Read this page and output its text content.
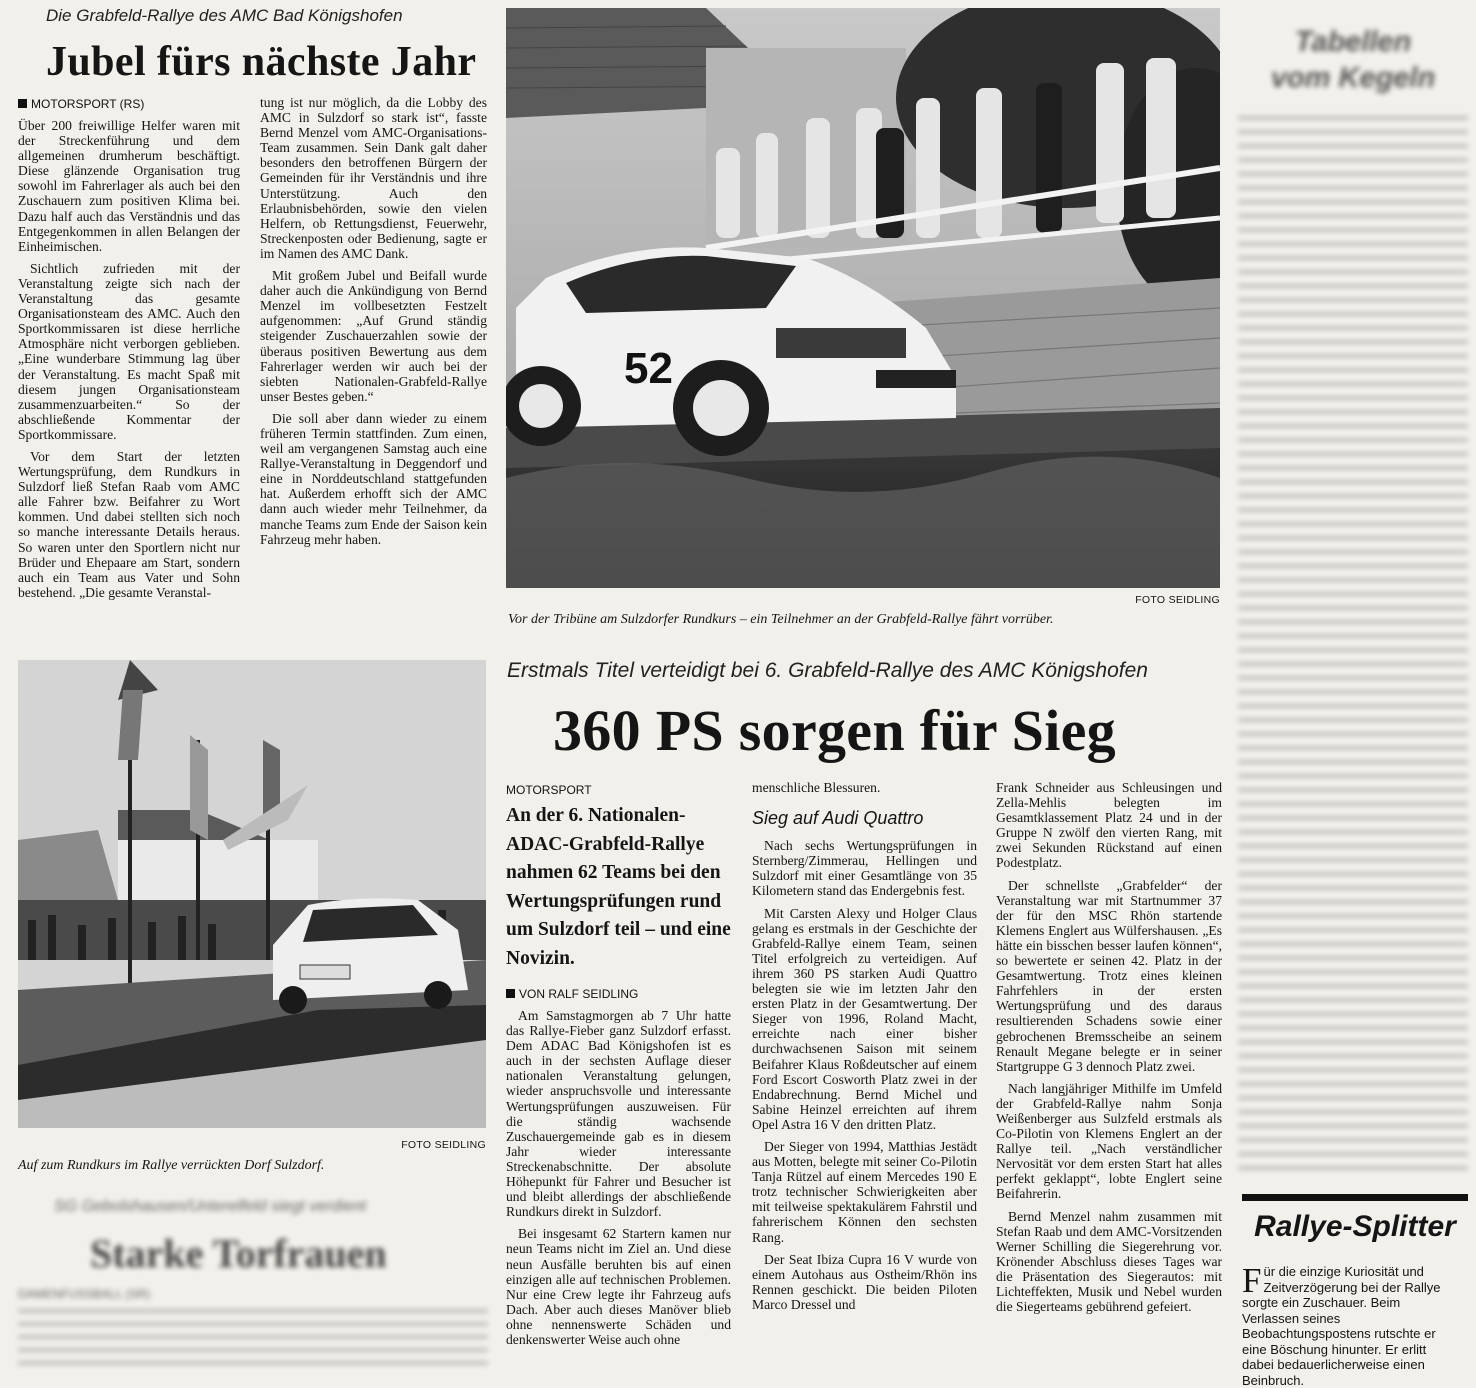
Die Grabfeld-Rallye des AMC Bad Königshofen
Jubel fürs nächste Jahr
MOTORSPORT (RS)

Über 200 freiwillige Helfer waren mit der Streckenführung und dem allgemeinen drumherum beschäftigt. Diese glänzende Organisation trug sowohl im Fahrerlager als auch bei den Zuschauern zum positiven Klima bei. Dazu half auch das Verständnis und das Entgegenkommen in allen Belangen der Einheimischen.

Sichtlich zufrieden mit der Veranstaltung zeigte sich nach der Veranstaltung das gesamte Organisationsteam des AMC. Auch den Sportkommissaren ist diese herrliche Atmosphäre nicht verborgen geblieben. „Eine wunderbare Stimmung lag über der Veranstaltung. Es macht Spaß mit diesem jungen Organisationsteam zusammenzuarbeiten.“ So der abschließende Kommentar der Sportkommissare.

Vor dem Start der letzten Wertungsprüfung, dem Rundkurs in Sulzdorf ließ Stefan Raab vom AMC alle Fahrer bzw. Beifahrer zu Wort kommen. Und dabei stellten sich noch so manche interessante Details heraus. So waren unter den Sportlern nicht nur Brüder und Ehepaare am Start, sondern auch ein Team aus Vater und Sohn bestehend. „Die gesamte Veranstal-

tung ist nur möglich, da die Lobby des AMC in Sulzdorf so stark ist“, fasste Bernd Menzel vom AMC-Organisations-Team zusammen. Sein Dank galt daher besonders den betroffenen Bürgern der Gemeinden für ihr Verständnis und ihre Unterstützung. Auch den Erlaubnisbehörden, sowie den vielen Helfern, ob Rettungsdienst, Feuerwehr, Streckenposten oder Bedienung, sagte er im Namen des AMC Dank.

Mit großem Jubel und Beifall wurde daher auch die Ankündigung von Bernd Menzel im vollbesetzten Festzelt aufgenommen: „Auf Grund ständig steigender Zuschauerzahlen sowie der überaus positiven Bewertung aus dem Fahrerlager werden wir auch bei der siebten Nationalen-Grabfeld-Rallye unser Bestes geben.“

Die soll aber dann wieder zu einem früheren Termin stattfinden. Zum einen, weil am vergangenen Samstag auch eine Rallye-Veranstaltung in Deggendorf und eine in Norddeutschland stattgefunden hat. Außerdem erhofft sich der AMC dann auch wieder mehr Teilnehmer, da manche Teams zum Ende der Saison kein Fahrzeug mehr haben.

52
FOTO SEIDLING
Vor der Tribüne am Sulzdorfer Rundkurs – ein Teilnehmer an der Grabfeld-Rallye fährt vorrüber.
Tabellen vom Kegeln
FOTO SEIDLING
Auf zum Rundkurs im Rallye verrückten Dorf Sulzdorf.
Erstmals Titel verteidigt bei 6. Grabfeld-Rallye des AMC Königshofen
360 PS sorgen für Sieg
MOTORSPORT
An der 6. Nationalen-ADAC-Grabfeld-Rallye nahmen 62 Teams bei den Wertungsprüfungen rund um Sulzdorf teil – und eine Novizin.
VON RALF SEIDLING

Am Samstagmorgen ab 7 Uhr hatte das Rallye-Fieber ganz Sulzdorf erfasst. Dem ADAC Bad Königshofen ist es auch in der sechsten Auflage dieser nationalen Veranstaltung gelungen, wieder anspruchsvolle und interessante Wertungsprüfungen auszuweisen. Für die ständig wachsende Zuschauergemeinde gab es in diesem Jahr wieder interessante Streckenabschnitte. Der absolute Höhepunkt für Fahrer und Besucher ist und bleibt allerdings der abschließende Rundkurs direkt in Sulzdorf.

Bei insgesamt 62 Startern kamen nur neun Teams nicht im Ziel an. Und diese neun Ausfälle beruhten bis auf einen einzigen alle auf technischen Problemen. Nur eine Crew legte ihr Fahrzeug aufs Dach. Aber auch dieses Manöver blieb ohne nennenswerte Schäden und denkenswerter Weise auch ohne

menschliche Blessuren.

Sieg auf Audi Quattro

Nach sechs Wertungsprüfungen in Sternberg/Zimmerau, Hellingen und Sulzdorf mit einer Gesamtlänge von 35 Kilometern stand das Endergebnis fest.

Mit Carsten Alexy und Holger Claus gelang es erstmals in der Geschichte der Grabfeld-Rallye einem Team, seinen Titel erfolgreich zu verteidigen. Auf ihrem 360 PS starken Audi Quattro belegten sie wie im letzten Jahr den ersten Platz in der Gesamtwertung. Der Sieger von 1996, Roland Macht, erreichte nach einer bisher durchwachsenen Saison mit seinem Beifahrer Klaus Roßdeutscher auf einem Ford Escort Cosworth Platz zwei in der Endabrechnung. Bernd Michel und Sabine Heinzel erreichten auf ihrem Opel Astra 16 V den dritten Platz.

Der Sieger von 1994, Matthias Jestädt aus Motten, belegte mit seiner Co-Pilotin Tanja Rützel auf einem Mercedes 190 E trotz technischer Schwierigkeiten aber mit teilweise spektakulärem Fahrstil und fahrerischem Können den sechsten Rang.

Der Seat Ibiza Cupra 16 V wurde von einem Autohaus aus Ostheim/Rhön ins Rennen geschickt. Die beiden Piloten Marco Dressel und

Frank Schneider aus Schleusingen und Zella-Mehlis belegten im Gesamtklassement Platz 24 und in der Gruppe N zwölf den vierten Rang, mit zwei Sekunden Rückstand auf einen Podestplatz.

Der schnellste „Grabfelder“ der Veranstaltung war mit Startnummer 37 der für den MSC Rhön startende Klemens Englert aus Wülfershausen. „Es hätte ein bisschen besser laufen können“, so bewertete er seinen 42. Platz in der Gesamtwertung. Trotz eines kleinen Fahrfehlers in der ersten Wertungsprüfung und des daraus resultierenden Schadens sowie einer gebrochenen Bremsscheibe an seinem Renault Megane belegte er in seiner Startgruppe G 3 dennoch Platz zwei.

Nach langjähriger Mithilfe im Umfeld der Grabfeld-Rallye nahm Sonja Weißenberger aus Sulzfeld erstmals als Co-Pilotin von Klemens Englert an der Rallye teil. „Nach verständlicher Nervosität vor dem ersten Start hat alles perfekt geklappt“, lobte Englert seine Beifahrerin.

Bernd Menzel nahm zusammen mit Stefan Raab und dem AMC-Vorsitzenden Werner Schilling die Siegerehrung vor. Krönender Abschluss dieses Tages war die Präsentation des Siegerautos: mit Lichteffekten, Musik und Nebel wurden die Siegerteams gebührend gefeiert.

Rallye-Splitter
Für die einzige Kuriosität und Zeitverzögerung bei der Rallye sorgte ein Zuschauer. Beim Verlassen seines Beobachtungspostens rutschte er eine Böschung hinunter. Er erlitt dabei bedauerlicherweise einen Beinbruch.
SG Gebolshausen/Unterelfeld siegt verdient
Starke Torfrauen
DAMENFUSSBALL (SR)
